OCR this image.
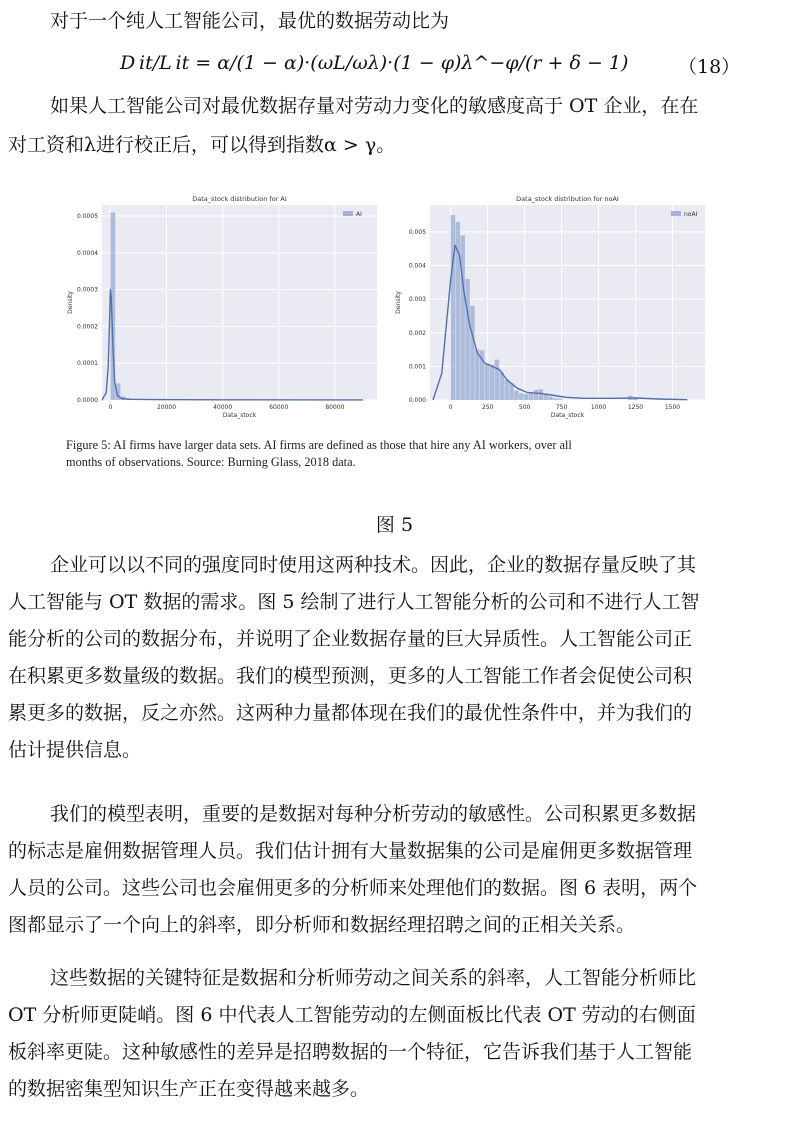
对于一个纯人工智能公司，最优的数据劳动比为
D it/L it = α/(1 − α)·(ωL/ωλ)·(1 − φ)λ^−φ/(r + δ − 1)	（18）
如果人工智能公司对最优数据存量对劳动力变化的敏感度高于 OT 企业，在在
对工资和λ进行校正后，可以得到指数α > γ。
0	20000	40000	60000	80000
0.0000
0.0001
0.0002
0.0003
0.0004
0.0005
Data_stock distribution for AI
Data_stock
Density
AI
0	250	500	750	1000	1250	1500
0.000
0.001
0.002
0.003
0.004
0.005
Data_stock distribution for noAI
Data_stock
Density
noAI
Figure 5: AI firms have larger data sets. AI firms are defined as those that hire any AI workers, over all
months of observations. Source: Burning Glass, 2018 data.
图 5
企业可以以不同的强度同时使用这两种技术。因此，企业的数据存量反映了其
人工智能与 OT 数据的需求。图 5 绘制了进行人工智能分析的公司和不进行人工智
能分析的公司的数据分布，并说明了企业数据存量的巨大异质性。人工智能公司正
在积累更多数量级的数据。我们的模型预测，更多的人工智能工作者会促使公司积
累更多的数据，反之亦然。这两种力量都体现在我们的最优性条件中，并为我们的
估计提供信息。
我们的模型表明，重要的是数据对每种分析劳动的敏感性。公司积累更多数据
的标志是雇佣数据管理人员。我们估计拥有大量数据集的公司是雇佣更多数据管理
人员的公司。这些公司也会雇佣更多的分析师来处理他们的数据。图 6 表明，两个
图都显示了一个向上的斜率，即分析师和数据经理招聘之间的正相关关系。
这些数据的关键特征是数据和分析师劳动之间关系的斜率，人工智能分析师比
OT 分析师更陡峭。图 6 中代表人工智能劳动的左侧面板比代表 OT 劳动的右侧面
板斜率更陡。这种敏感性的差异是招聘数据的一个特征，它告诉我们基于人工智能
的数据密集型知识生产正在变得越来越多。
